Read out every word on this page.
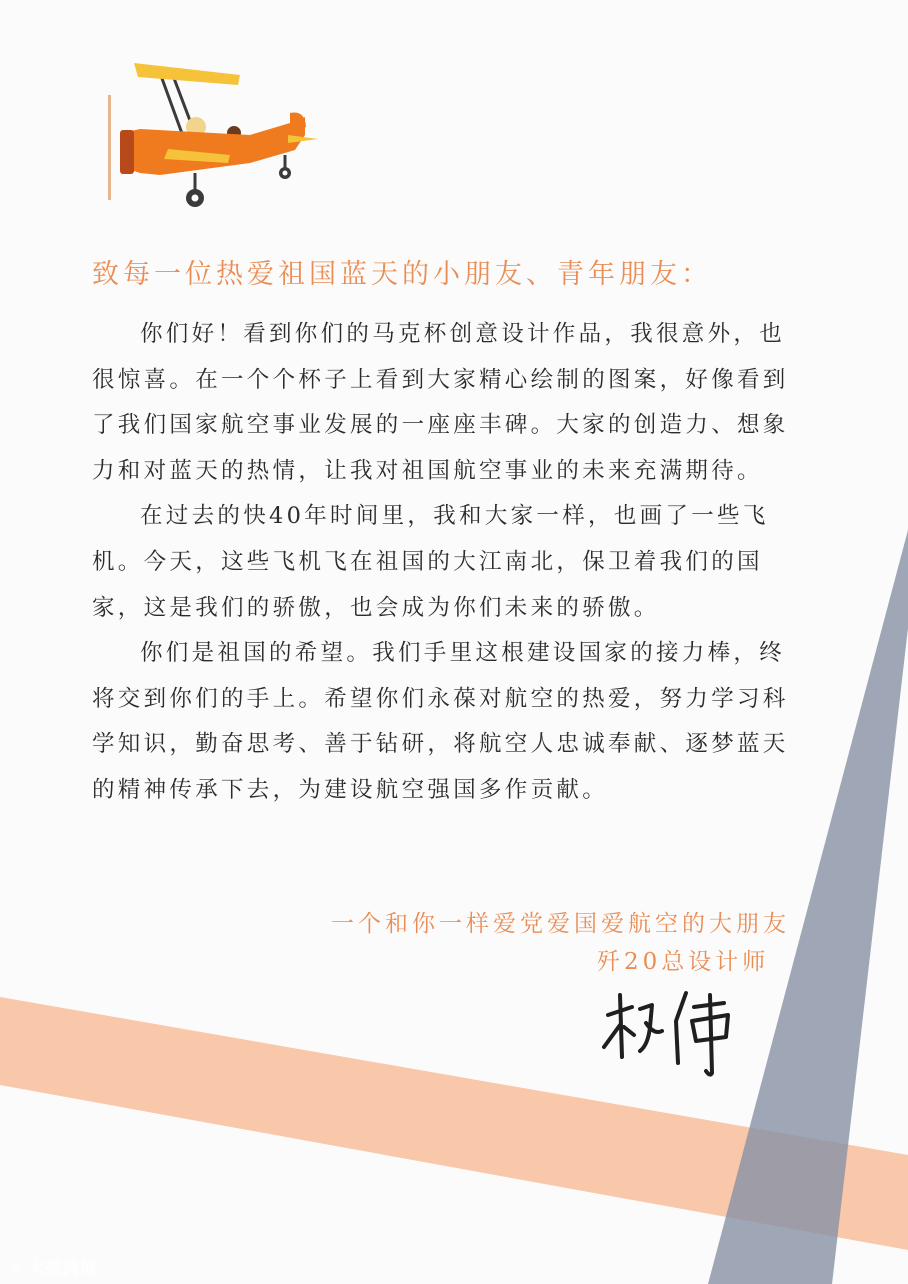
致每一位热爱祖国蓝天的小朋友、青年朋友：

你们好！看到你们的马克杯创意设计作品，我很意外，也很惊喜。在一个个杯子上看到大家精心绘制的图案，好像看到了我们国家航空事业发展的一座座丰碑。大家的创造力、想象力和对蓝天的热情，让我对祖国航空事业的未来充满期待。

在过去的快40年时间里，我和大家一样，也画了一些飞机。今天，这些飞机飞在祖国的大江南北，保卫着我们的国家，这是我们的骄傲，也会成为你们未来的骄傲。

你们是祖国的希望。我们手里这根建设国家的接力棒，终将交到你们的手上。希望你们永葆对航空的热爱，努力学习科学知识，勤奋思考、善于钻研，将航空人忠诚奉献、逐梦蓝天的精神传承下去，为建设航空强国多作贡献。

一个和你一样爱党爱国爱航空的大朋友
歼20总设计师
∞ 大數跨境
